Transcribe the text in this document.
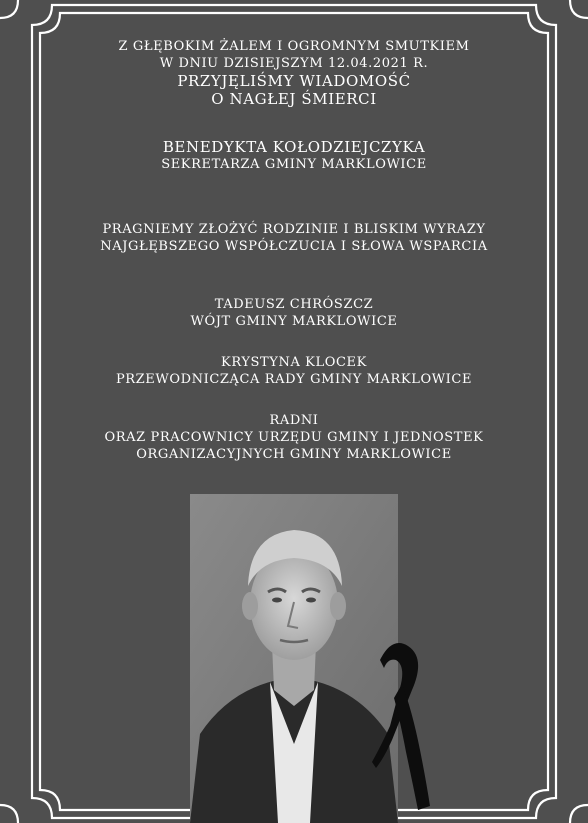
Z GŁĘBOKIM ŻALEM I OGROMNYM SMUTKIEM
W DNIU DZISIEJSZYM 12.04.2021 R.
PRZYJĘLIŚMY WIADOMOŚĆ
O NAGŁEJ ŚMIERCI
BENEDYKTA KOŁODZIEJCZYKA
SEKRETARZA GMINY MARKLOWICE
PRAGNIEMY ZŁOŻYĆ RODZINIE I BLISKIM WYRAZY
NAJGŁĘBSZEGO WSPÓŁCZUCIA I SŁOWA WSPARCIA
TADEUSZ CHRÓSZCZ
WÓJT GMINY MARKLOWICE
KRYSTYNA KLOCEK
PRZEWODNICZĄCA RADY GMINY MARKLOWICE
RADNI
ORAZ PRACOWNICY URZĘDU GMINY I JEDNOSTEK
ORGANIZACYJNYCH GMINY MARKLOWICE
